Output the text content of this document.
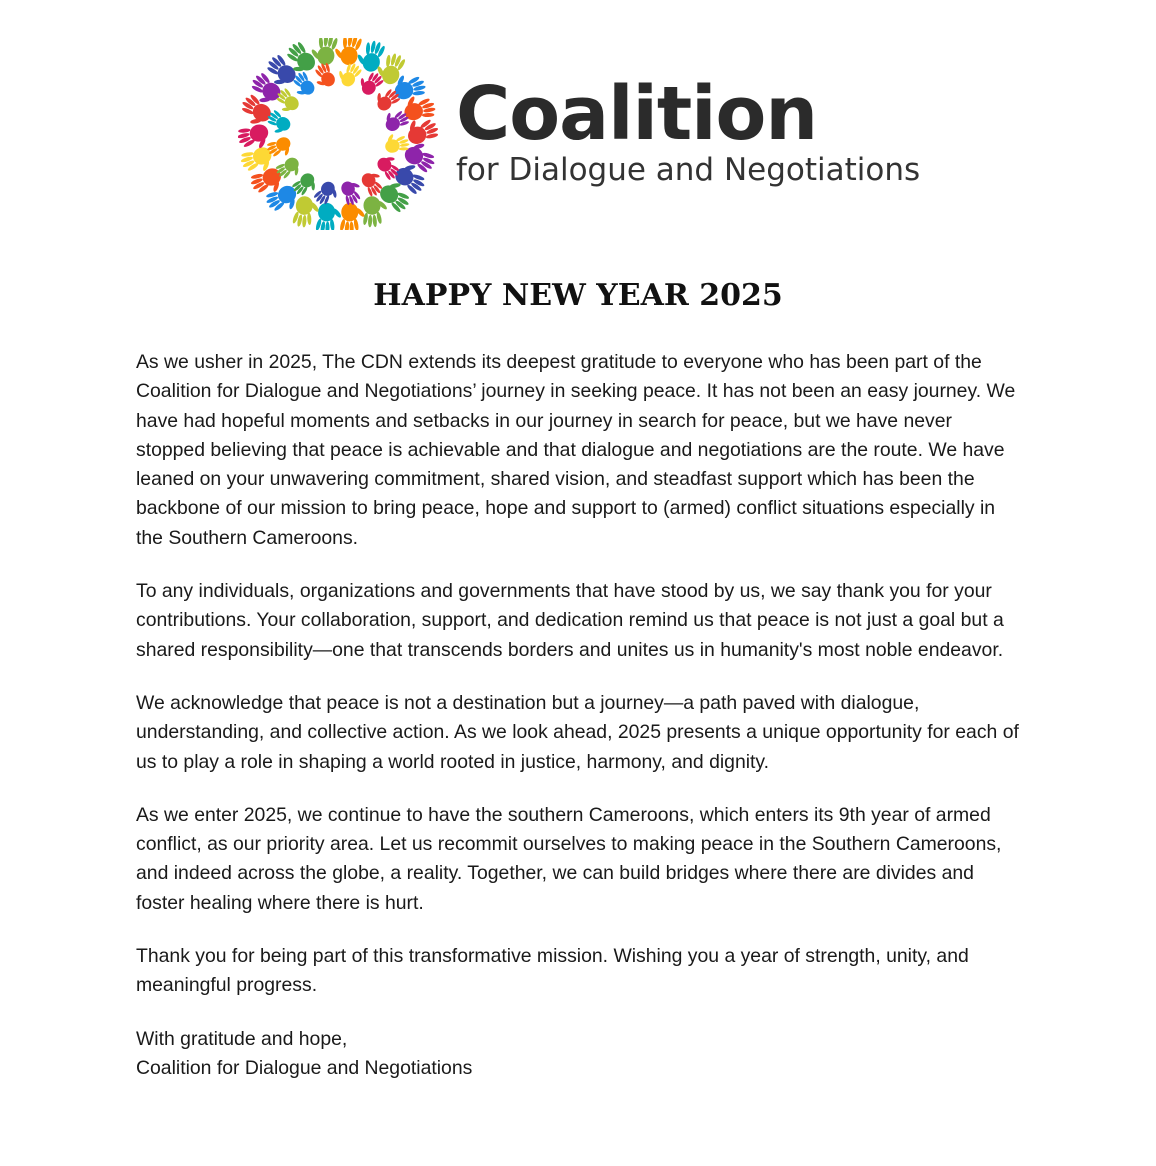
Coalition
for Dialogue and Negotiations
HAPPY NEW YEAR 2025

As we usher in 2025, The CDN extends its deepest gratitude to everyone who has been part of the Coalition for Dialogue and Negotiations’ journey in seeking peace. It has not been an easy journey. We have had hopeful moments and setbacks in our journey in search for peace, but we have never stopped believing that peace is achievable and that dialogue and negotiations are the route. We have leaned on your unwavering commitment, shared vision, and steadfast support which has been the backbone of our mission to bring peace, hope and support to (armed) conflict situations especially in the Southern Cameroons.

To any individuals, organizations and governments that have stood by us, we say thank you for your contributions. Your collaboration, support, and dedication remind us that peace is not just a goal but a shared responsibility—one that transcends borders and unites us in humanity's most noble endeavor.

We acknowledge that peace is not a destination but a journey—a path paved with dialogue, understanding, and collective action. As we look ahead, 2025 presents a unique opportunity for each of us to play a role in shaping a world rooted in justice, harmony, and dignity.

As we enter 2025, we continue to have the southern Cameroons, which enters its 9th year of armed conflict, as our priority area. Let us recommit ourselves to making peace in the Southern Cameroons, and indeed across the globe, a reality. Together, we can build bridges where there are divides and foster healing where there is hurt.

Thank you for being part of this transformative mission. Wishing you a year of strength, unity, and meaningful progress.

With gratitude and hope,
Coalition for Dialogue and Negotiations
